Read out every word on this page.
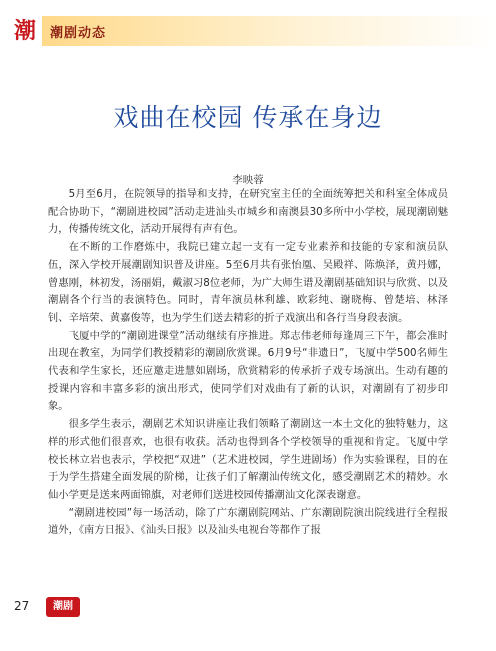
潮	潮剧动态
戏曲在校园 传承在身边
李映蓉

5月至6月，在院领导的指导和支持，在研究室主任的全面统筹把关和科室全体成员配合协助下，“潮剧进校园”活动走进汕头市城乡和南澳县30多所中小学校，展现潮剧魅力，传播传统文化，活动开展得有声有色。

在不断的工作磨炼中，我院已建立起一支有一定专业素养和技能的专家和演员队伍，深入学校开展潮剧知识普及讲座。5至6月共有张怡凰、吴殿祥、陈焕泽，黄丹娜，曾惠刚，林初发，汤丽娟，戴淑习8位老师，为广大师生谱及潮剧基础知识与欣赏、以及潮剧各个行当的表演特色。同时，青年演员林利雄、欧彩纯、谢晓梅、曾楚培、林泽钊、辛培荣、黄嘉俊等，也为学生们送去精彩的折子戏演出和各行当身段表演。

飞厦中学的“潮剧进课堂”活动继续有序推进。郑志伟老师每逢周三下午，都会准时出现在教室，为同学们教授精彩的潮剧欣赏课。6月9号“非遗日”，飞厦中学500名师生代表和学生家长，还应邀走进慧如剧场，欣赏精彩的传承折子戏专场演出。生动有趣的授课内容和丰富多彩的演出形式，使同学们对戏曲有了新的认识，对潮剧有了初步印象。

很多学生表示，潮剧艺术知识讲座让我们领略了潮剧这一本土文化的独特魅力，这样的形式他们很喜欢，也很有收获。活动也得到各个学校领导的重视和肯定。飞厦中学校长林立岩也表示，学校把“双进”（艺术进校园，学生进剧场）作为实验课程，目的在于为学生搭建全面发展的阶梯，让孩子们了解潮汕传统文化，感受潮剧艺术的精妙。水仙小学更是送来两面锦旗，对老师们送进校园传播潮汕文化深表谢意。

“潮剧进校园”每一场活动，除了广东潮剧院网站、广东潮剧院演出院线进行全程报道外，《南方日报》、《汕头日报》以及汕头电视台等都作了报

27	潮剧
